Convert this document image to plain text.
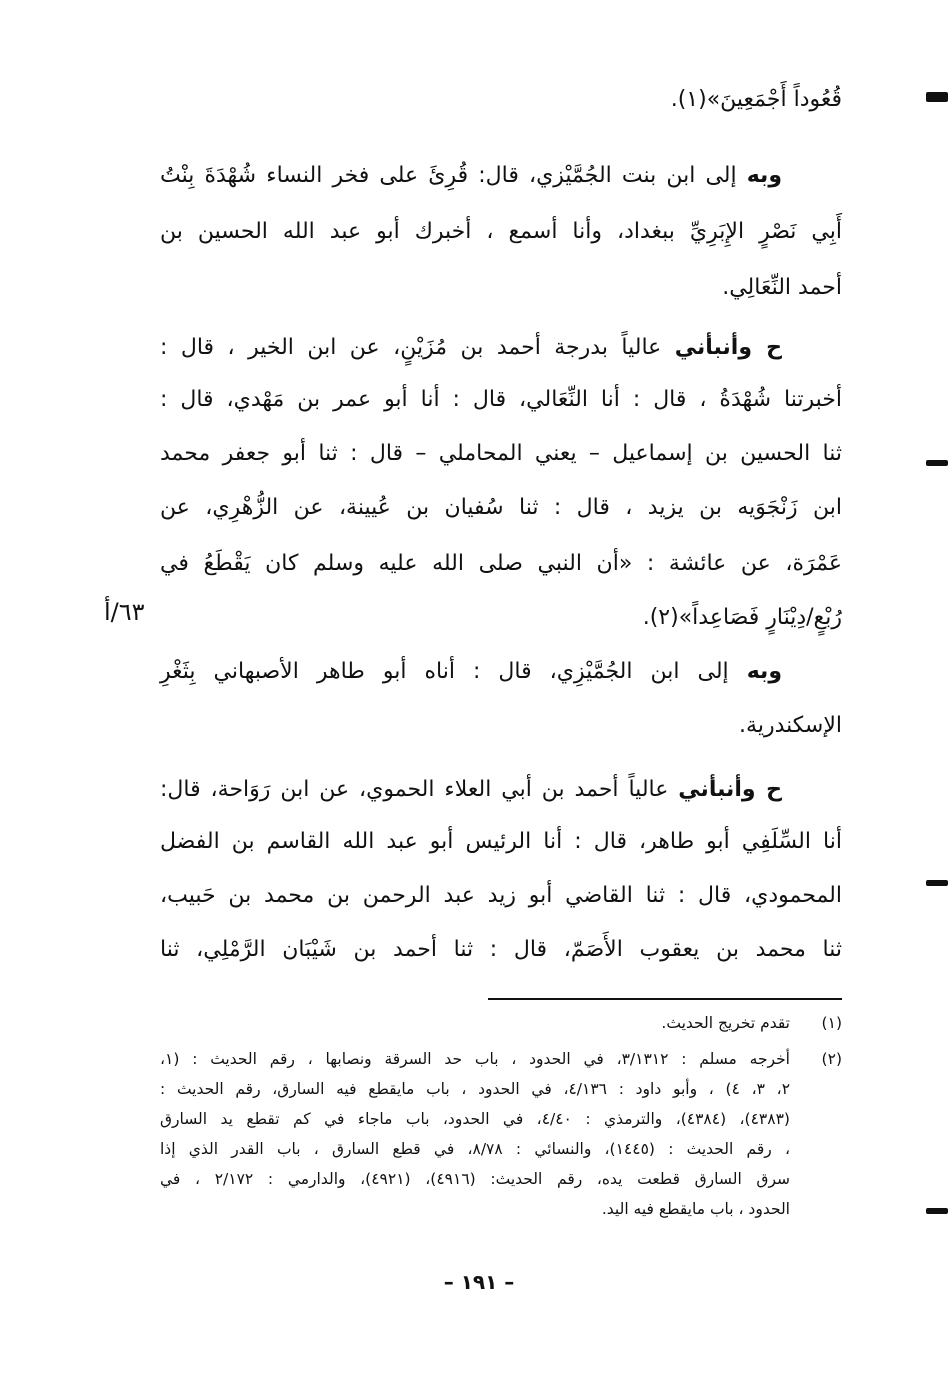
قُعُوداً أَجْمَعِينَ»(١).
وبه إلى ابن بنت الجُمَّيْزي، قال: قُرِئَ على فخر النساء شُهْدَةَ بِنْتُ
أَبِي نَصْرٍ الإِبَرِيِّ ببغداد، وأنا أسمع ، أخبرك أبو عبد الله الحسين بن
أحمد النِّعَالِي.
ح وأنبأني عالياً بدرجة أحمد بن مُزَيْنٍ، عن ابن الخير ، قال :
أخبرتنا شُهْدَةُ ، قال : أنا النِّعَالي، قال : أنا أبو عمر بن مَهْدي، قال :
ثنا الحسين بن إسماعيل – يعني المحاملي – قال : ثنا أبو جعفر محمد
ابن زَنْجَوَيه بن يزيد ، قال : ثنا سُفيان بن عُيينة، عن الزُّهْرِي، عن
عَمْرَة، عن عائشة : «أن النبي صلى الله عليه وسلم كان يَقْطَعُ في
رُبْعٍ/دِيْنَارٍ فَصَاعِداً»(٢).
٦٣/أ
وبه إلى ابن الجُمَّيْزِي، قال : أناه أبو طاهر الأصبهاني بِثَغْرِ
الإسكندرية.
ح وأنبأني عالياً أحمد بن أبي العلاء الحموي، عن ابن رَوَاحة، قال:
أنا السِّلَفِي أبو طاهر، قال : أنا الرئيس أبو عبد الله القاسم بن الفضل
المحمودي، قال : ثنا القاضي أبو زيد عبد الرحمن بن محمد بن حَبيب،
ثنا محمد بن يعقوب الأَصَمّ، قال : ثنا أحمد بن شَيْبَان الرَّمْلِي، ثنا
(١)
تقدم تخريج الحديث.
(٢)
أخرجه مسلم : ٣/١٣١٢، في الحدود ، باب حد السرقة ونصابها ، رقم الحديث : (١،
٢، ٣، ٤) ، وأبو داود : ٤/١٣٦، في الحدود ، باب مايقطع فيه السارق، رقم الحديث :
(٤٣٨٣)، (٤٣٨٤)، والترمذي : ٤/٤٠، في الحدود، باب ماجاء في كم تقطع يد السارق
، رقم الحديث : (١٤٤٥)، والنسائي : ٨/٧٨، في قطع السارق ، باب القدر الذي إذا
سرق السارق قطعت يده، رقم الحديث: (٤٩١٦)، (٤٩٢١)، والدارمي : ٢/١٧٢ ، في
الحدود ، باب مايقطع فيه اليد.
– ١٩١ –
